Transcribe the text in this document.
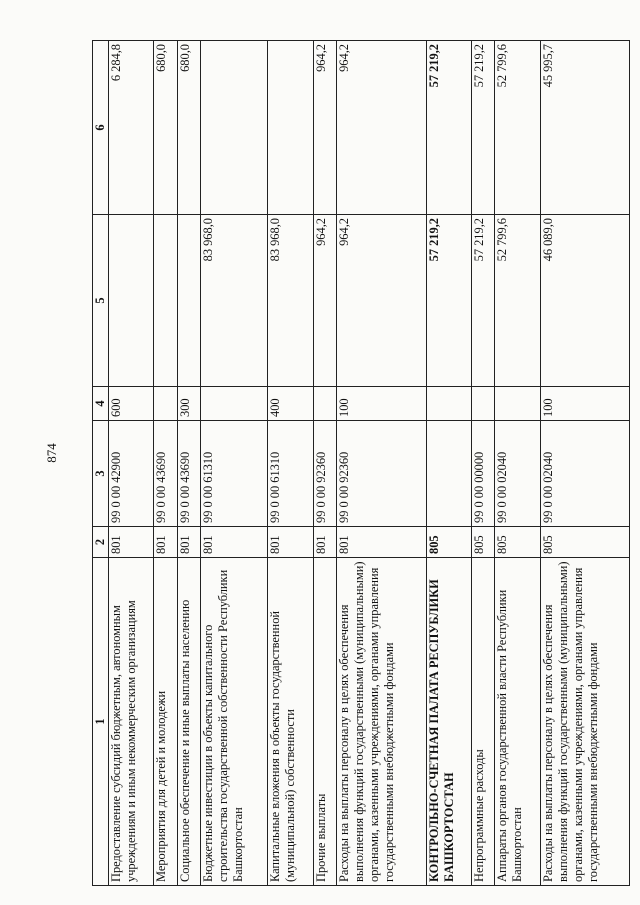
874
1	2	3	4	5	6
Предоставление субсидий бюджетным, автономным учреждениям и иным некоммерческим организациям	801	99 0 00 42900	600		6 284,8
Мероприятия для детей и молодежи	801	99 0 00 43690			680,0
Социальное обеспечение и иные выплаты населению	801	99 0 00 43690	300		680,0
Бюджетные инвестиции в объекты капитального строительства государственной собственности Республики Башкортостан	801	99 0 00 61310		83 968,0	
Капитальные вложения в объекты государственной (муниципальной) собственности	801	99 0 00 61310	400	83 968,0	
Прочие выплаты	801	99 0 00 92360		964,2	964,2
Расходы на выплаты персоналу в целях обеспечения выполнения функций государственными (муниципальными) органами, казенными учреждениями, органами управления государственными внебюджетными фондами	801	99 0 00 92360	100	964,2	964,2
КОНТРОЛЬНО-СЧЕТНАЯ ПАЛАТА РЕСПУБЛИКИ БАШКОРТОСТАН	805			57 219,2	57 219,2
Непрограммные расходы	805	99 0 00 00000		57 219,2	57 219,2
Аппараты органов государственной власти Республики Башкортостан	805	99 0 00 02040		52 799,6	52 799,6
Расходы на выплаты персоналу в целях обеспечения выполнения функций государственными (муниципальными) органами, казенными учреждениями, органами управления государственными внебюджетными фондами	805	99 0 00 02040	100	46 089,0	45 995,7
